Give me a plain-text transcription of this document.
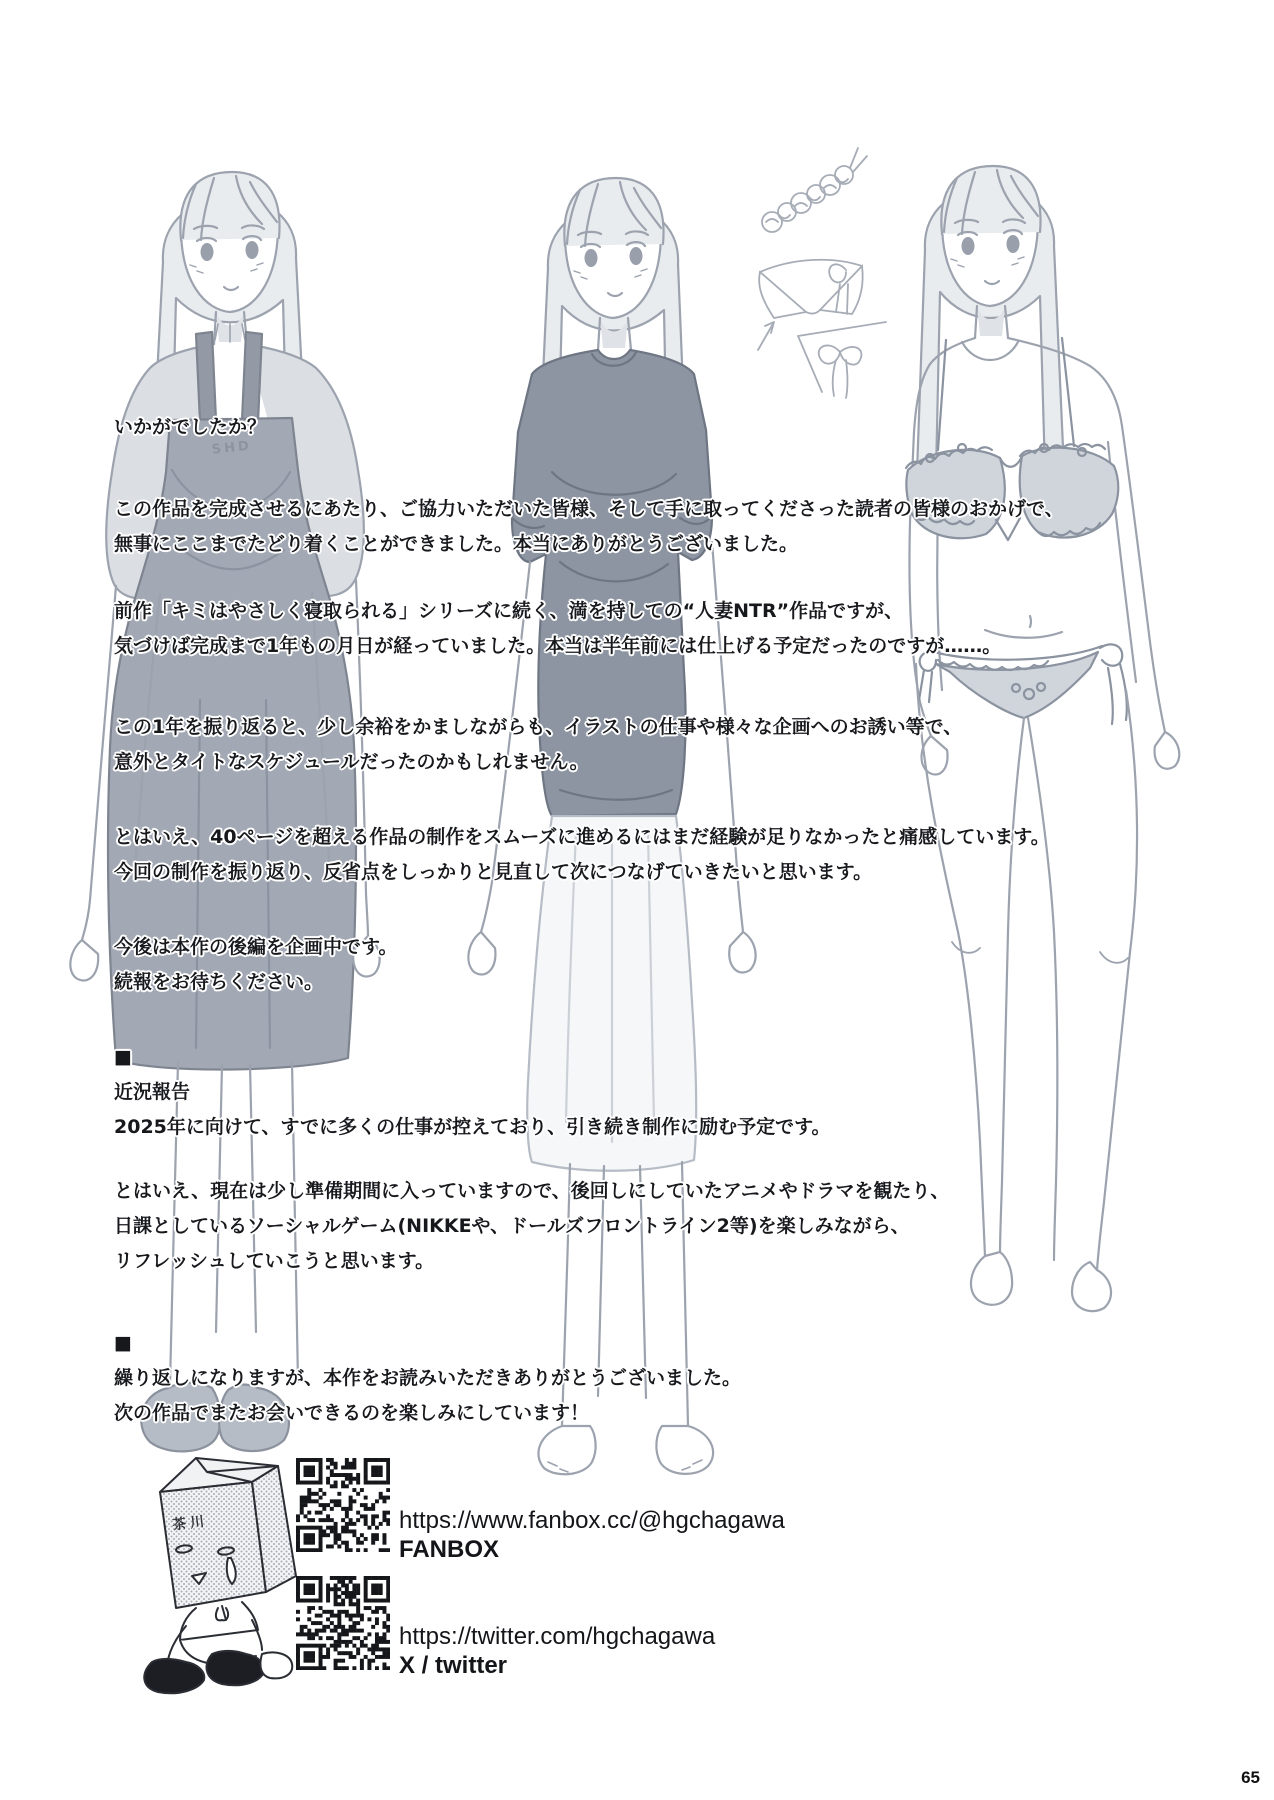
SHD
茶川
いかがでしたか？
この作品を完成させるにあたり、ご協力いただいた皆様、そして手に取ってくださった読者の皆様のおかげで、
無事にここまでたどり着くことができました。本当にありがとうございました。
前作「キミはやさしく寝取られる」シリーズに続く、満を持しての“人妻NTR”作品ですが、
気づけば完成まで1年もの月日が経っていました。本当は半年前には仕上げる予定だったのですが……。
この1年を振り返ると、少し余裕をかましながらも、イラストの仕事や様々な企画へのお誘い等で、
意外とタイトなスケジュールだったのかもしれません。
とはいえ、40ページを超える作品の制作をスムーズに進めるにはまだ経験が足りなかったと痛感しています。
今回の制作を振り返り、反省点をしっかりと見直して次につなげていきたいと思います。
今後は本作の後編を企画中です。
続報をお待ちください。
■
近況報告
2025年に向けて、すでに多くの仕事が控えており、引き続き制作に励む予定です。
とはいえ、現在は少し準備期間に入っていますので、後回しにしていたアニメやドラマを観たり、
日課としているソーシャルゲーム(NIKKEや、ドールズフロントライン2等)を楽しみながら、
リフレッシュしていこうと思います。
■
繰り返しになりますが、本作をお読みいただきありがとうございました。
次の作品でまたお会いできるのを楽しみにしています！
https://www.fanbox.cc/@hgchagawa
FANBOX
https://twitter.com/hgchagawa
X / twitter
65
